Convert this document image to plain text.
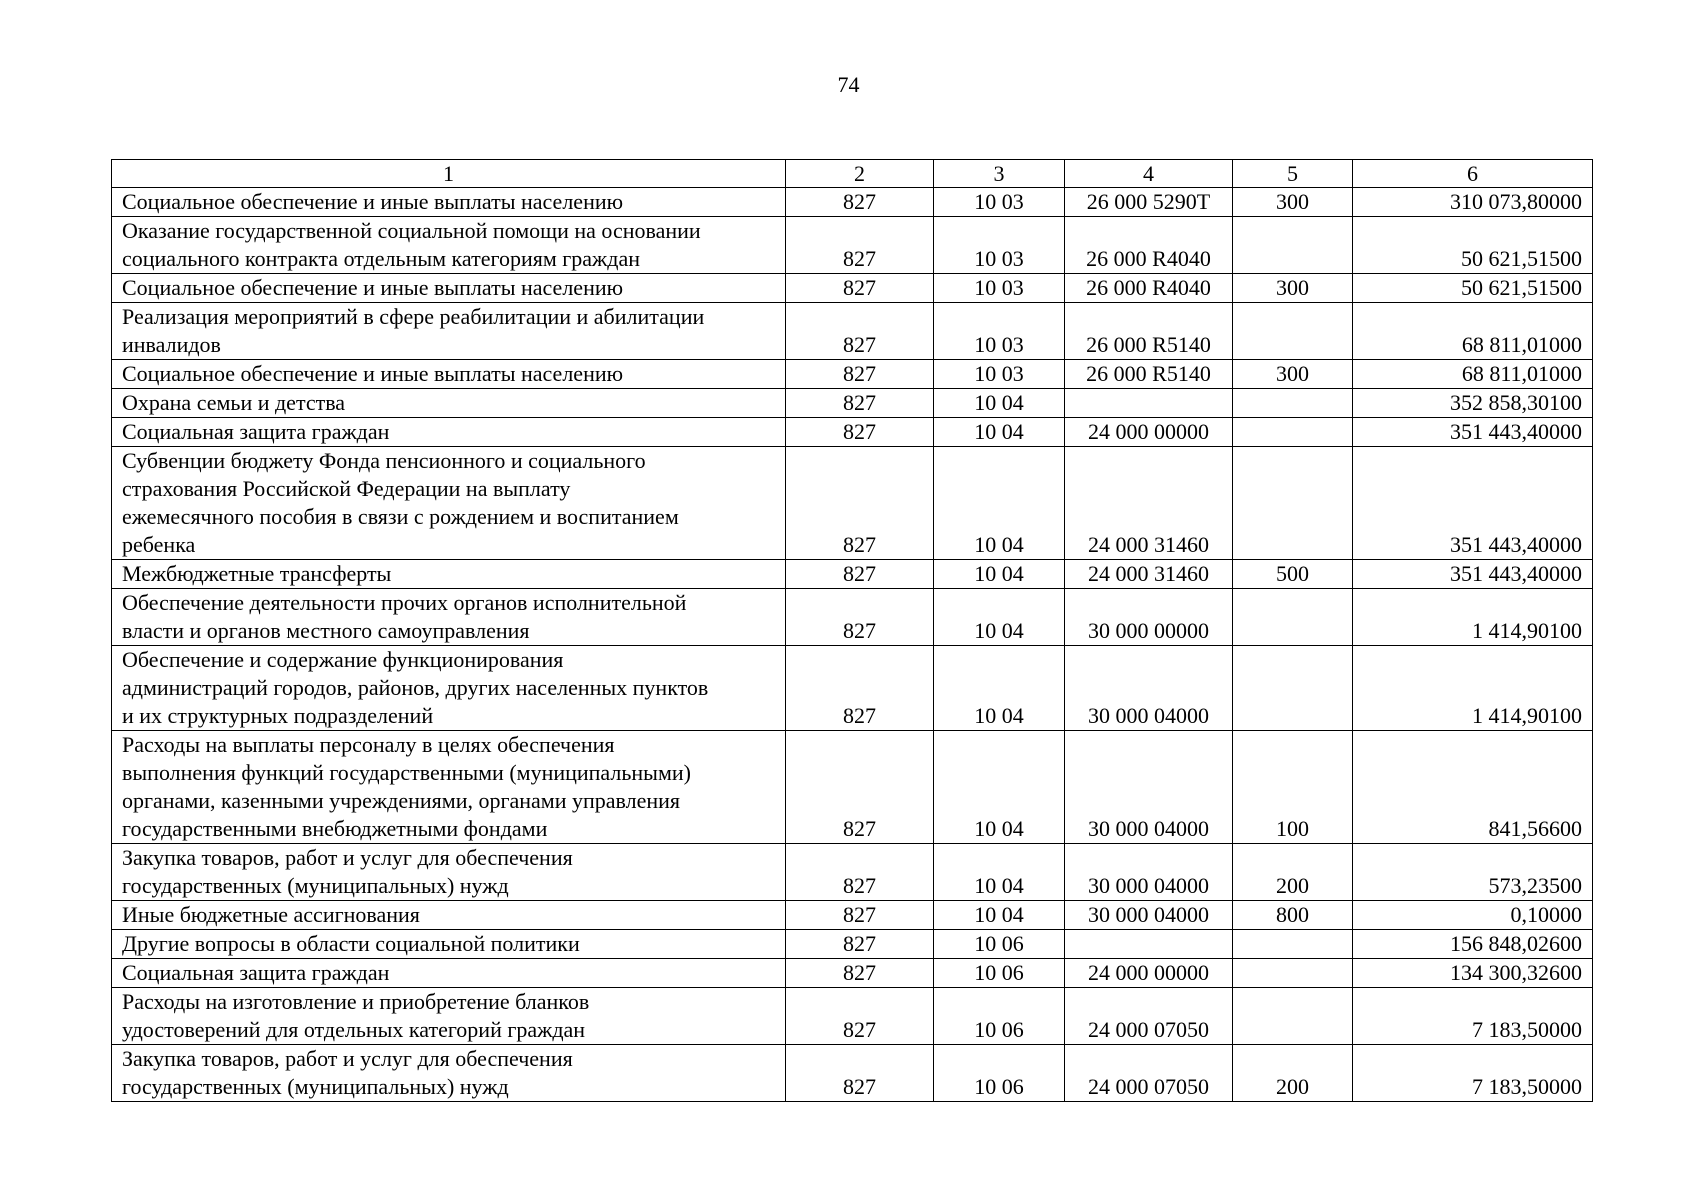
74
1	2	3	4	5	6

Социальное обеспечение и иные выплаты населению	827	10 03	26 000 5290Т	300	310 073,80000

Оказание государственной социальной помощи на основании
социального контракта отдельным категориям граждан	827	10 03	26 000 R4040		50 621,51500

Социальное обеспечение и иные выплаты населению	827	10 03	26 000 R4040	300	50 621,51500

Реализация мероприятий в сфере реабилитации и абилитации
инвалидов	827	10 03	26 000 R5140		68 811,01000

Социальное обеспечение и иные выплаты населению	827	10 03	26 000 R5140	300	68 811,01000

Охрана семьи и детства	827	10 04			352 858,30100

Социальная защита граждан	827	10 04	24 000 00000		351 443,40000

Субвенции бюджету Фонда пенсионного и социального
страхования Российской Федерации на выплату
ежемесячного пособия в связи с рождением и воспитанием
ребенка	827	10 04	24 000 31460		351 443,40000

Межбюджетные трансферты	827	10 04	24 000 31460	500	351 443,40000

Обеспечение деятельности прочих органов исполнительной
власти и органов местного самоуправления	827	10 04	30 000 00000		1 414,90100

Обеспечение и содержание функционирования
администраций городов, районов, других населенных пунктов
и их структурных подразделений	827	10 04	30 000 04000		1 414,90100

Расходы на выплаты персоналу в целях обеспечения
выполнения функций государственными (муниципальными)
органами, казенными учреждениями, органами управления
государственными внебюджетными фондами	827	10 04	30 000 04000	100	841,56600

Закупка товаров, работ и услуг для обеспечения
государственных (муниципальных) нужд	827	10 04	30 000 04000	200	573,23500

Иные бюджетные ассигнования	827	10 04	30 000 04000	800	0,10000

Другие вопросы в области социальной политики	827	10 06			156 848,02600

Социальная защита граждан	827	10 06	24 000 00000		134 300,32600

Расходы на изготовление и приобретение бланков
удостоверений для отдельных категорий граждан	827	10 06	24 000 07050		7 183,50000

Закупка товаров, работ и услуг для обеспечения
государственных (муниципальных) нужд	827	10 06	24 000 07050	200	7 183,50000
